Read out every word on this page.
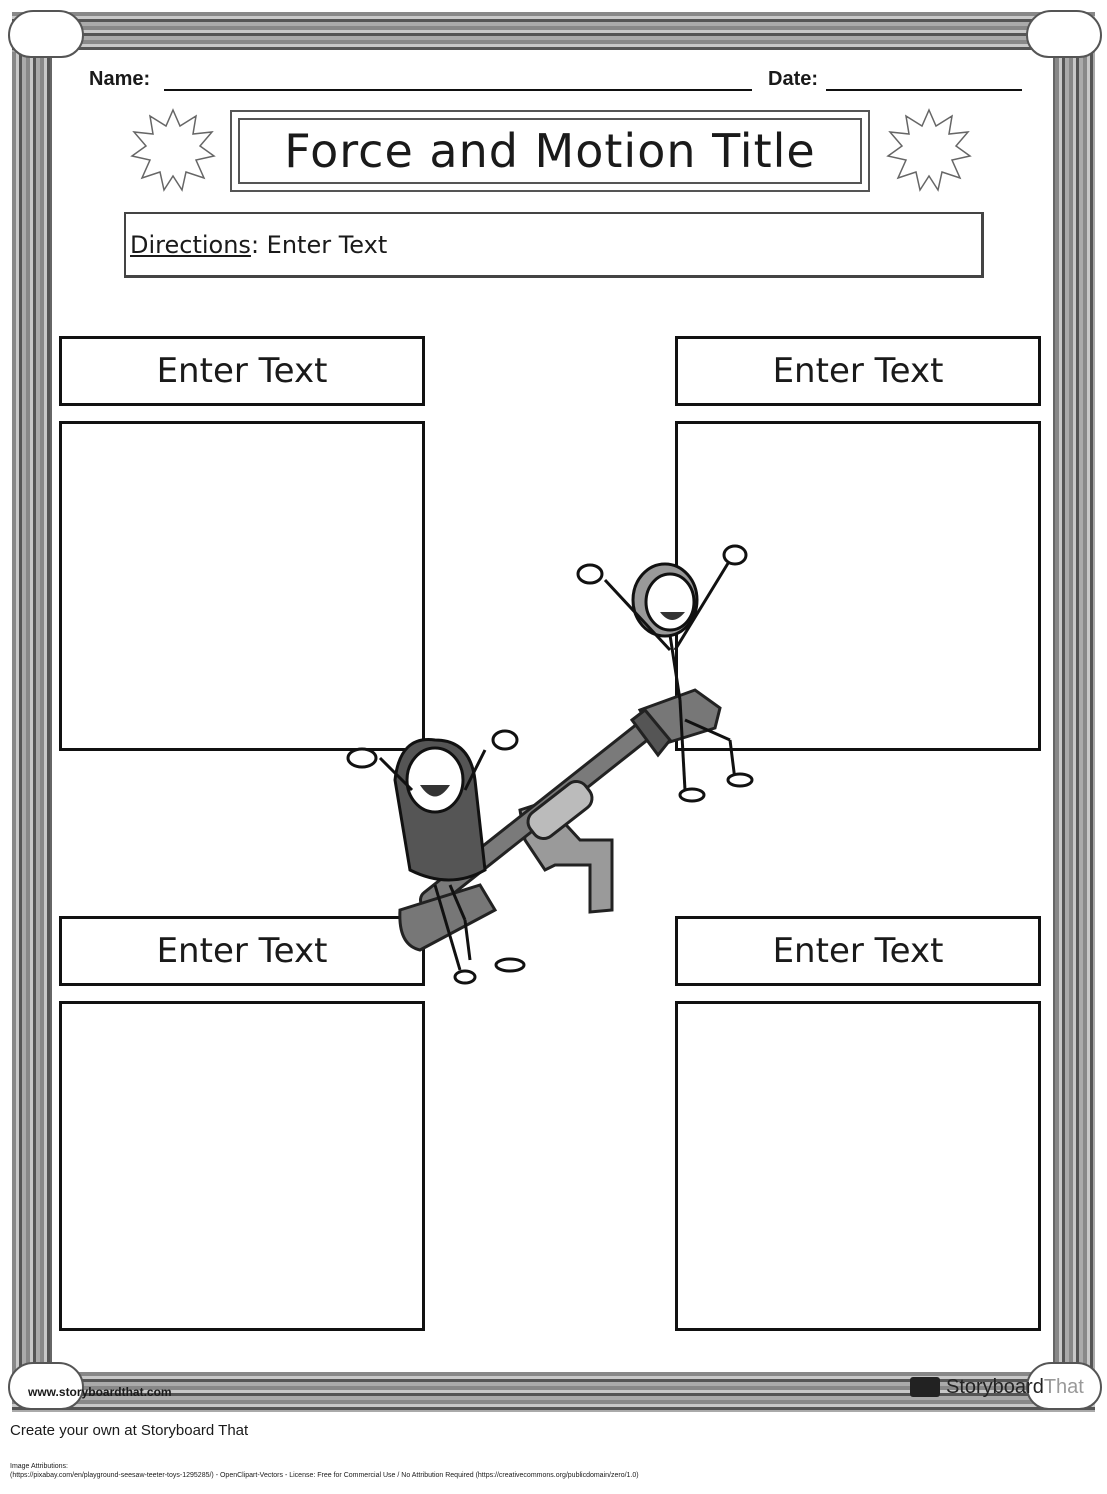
Name:	Date:
Force and Motion Title
Directions : Enter Text
Enter Text	Enter Text
Enter Text	Enter Text
www.storyboardthat.com	StoryboardThat
Create your own at Storyboard That
Image Attributions:
(https://pixabay.com/en/playground-seesaw-teeter-toys-1295285/) - OpenClipart-Vectors - License: Free for Commercial Use / No Attribution Required (https://creativecommons.org/publicdomain/zero/1.0)
